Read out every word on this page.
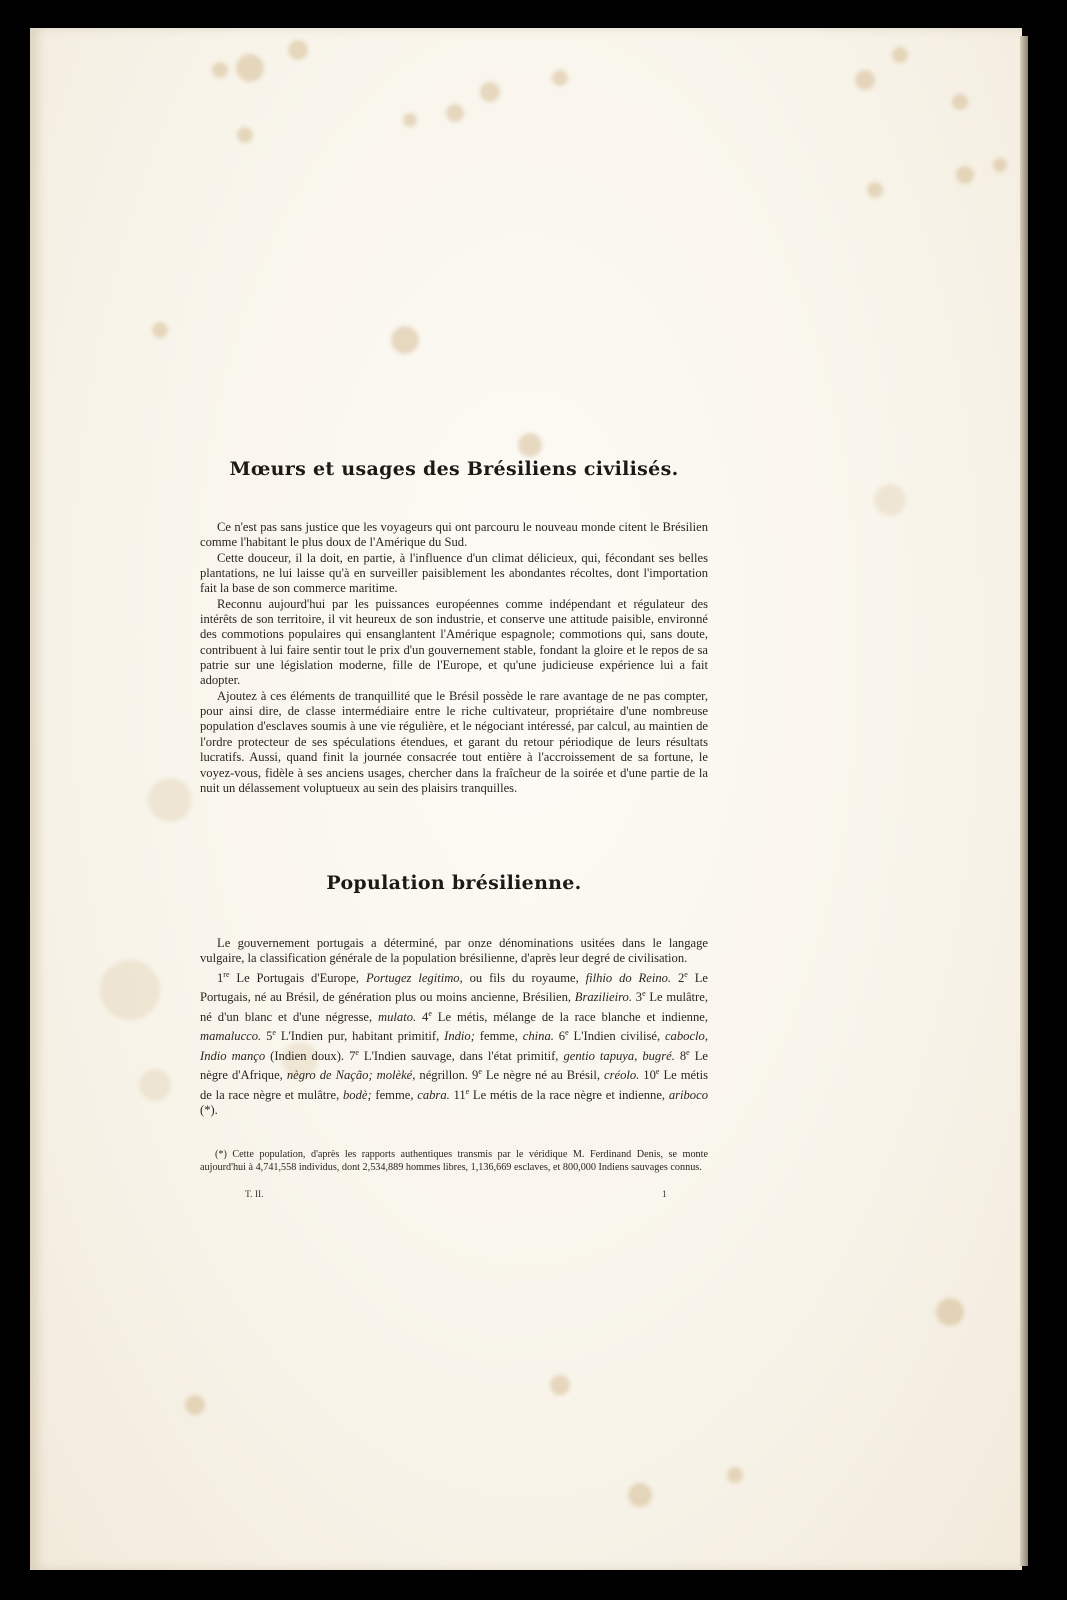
Mœurs et usages des Brésiliens civilisés.

Ce n'est pas sans justice que les voyageurs qui ont parcouru le nouveau monde citent le Brésilien comme l'habitant le plus doux de l'Amérique du Sud.

Cette douceur, il la doit, en partie, à l'influence d'un climat délicieux, qui, fécondant ses belles plantations, ne lui laisse qu'à en surveiller paisiblement les abondantes récoltes, dont l'importation fait la base de son commerce maritime.

Reconnu aujourd'hui par les puissances européennes comme indépendant et régulateur des intérêts de son territoire, il vit heureux de son industrie, et conserve une attitude paisible, environné des commotions populaires qui ensanglantent l'Amérique espagnole; commotions qui, sans doute, contribuent à lui faire sentir tout le prix d'un gouvernement stable, fondant la gloire et le repos de sa patrie sur une législation moderne, fille de l'Europe, et qu'une judicieuse expérience lui a fait adopter.

Ajoutez à ces éléments de tranquillité que le Brésil possède le rare avantage de ne pas compter, pour ainsi dire, de classe intermédiaire entre le riche cultivateur, propriétaire d'une nombreuse population d'esclaves soumis à une vie régulière, et le négociant intéressé, par calcul, au maintien de l'ordre protecteur de ses spéculations étendues, et garant du retour périodique de leurs résultats lucratifs. Aussi, quand finit la journée consacrée tout entière à l'accroissement de sa fortune, le voyez-vous, fidèle à ses anciens usages, chercher dans la fraîcheur de la soirée et d'une partie de la nuit un délassement voluptueux au sein des plaisirs tranquilles.

Population brésilienne.

Le gouvernement portugais a déterminé, par onze dénominations usitées dans le langage vulgaire, la classification générale de la population brésilienne, d'après leur degré de civilisation.

1re Le Portugais d'Europe, Portugez legitimo, ou fils du royaume, filhio do Reino. 2e Le Portugais, né au Brésil, de génération plus ou moins ancienne, Brésilien, Brazilieiro. 3e Le mulâtre, né d'un blanc et d'une négresse, mulato. 4e Le métis, mélange de la race blanche et indienne, mamalucco. 5e L'Indien pur, habitant primitif, Indio; femme, china. 6e L'Indien civilisé, caboclo, Indio manço (Indien doux). 7e L'Indien sauvage, dans l'état primitif, gentio tapuya, bugré. 8e Le nègre d'Afrique, nègro de Nação; molèké, négrillon. 9e Le nègre né au Brésil, créolo. 10e Le métis de la race nègre et mulâtre, bodè; femme, cabra. 11e Le métis de la race nègre et indienne, ariboco (*).

(*) Cette population, d'après les rapports authentiques transmis par le véridique M. Ferdinand Denis, se monte aujourd'hui à 4,741,558 individus, dont 2,534,889 hommes libres, 1,136,669 esclaves, et 800,000 Indiens sauvages connus.

T. II.	1
